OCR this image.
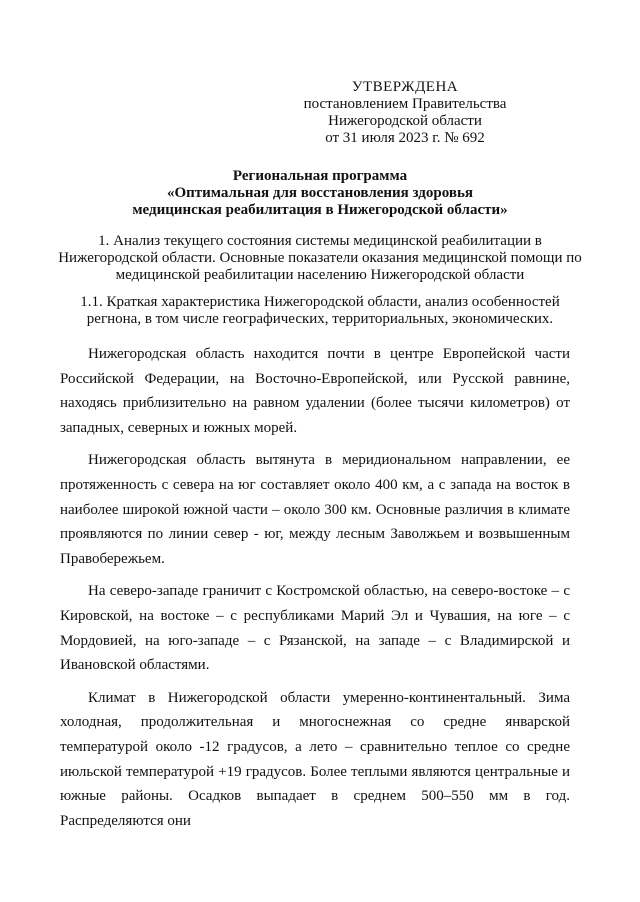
УТВЕРЖДЕНА
постановлением Правительства
Нижегородской области
от 31 июля 2023 г. № 692
Региональная программа
«Оптимальная для восстановления здоровья
медицинская реабилитация в Нижегородской области»
1. Анализ текущего состояния системы медицинской реабилитации в
Нижегородской области. Основные показатели оказания медицинской помощи по
медицинской реабилитации населению Нижегородской области
1.1. Краткая характеристика Нижегородской области, анализ особенностей
регнона, в том числе географических, территориальных, экономических.

Нижегородская область находится почти в центре Европейской части Российской Федерации, на Восточно-Европейской, или Русской равнине, находясь приблизительно на равном удалении (более тысячи километров) от западных, северных и южных морей.

Нижегородская область вытянута в меридиональном направлении, ее протяженность с севера на юг составляет около 400 км, а с запада на восток в наиболее широкой южной части – около 300 км. Основные различия в климате проявляются по линии север - юг, между лесным Заволжьем и возвышенным Правобережьем.

На северо-западе граничит с Костромской областью, на северо-востоке – с Кировской, на востоке – с республиками Марий Эл и Чувашия, на юге – с Мордовией, на юго-западе – с Рязанской, на западе – с Владимирской и Ивановской областями.

Климат в Нижегородской области умеренно-континентальный. Зима холодная, продолжительная и многоснежная со средне январской температурой около -12 градусов, а лето – сравнительно теплое со средне июльской температурой +19 градусов. Более теплыми являются центральные и южные районы. Осадков выпадает в среднем 500–550 мм в год. Распределяются они
